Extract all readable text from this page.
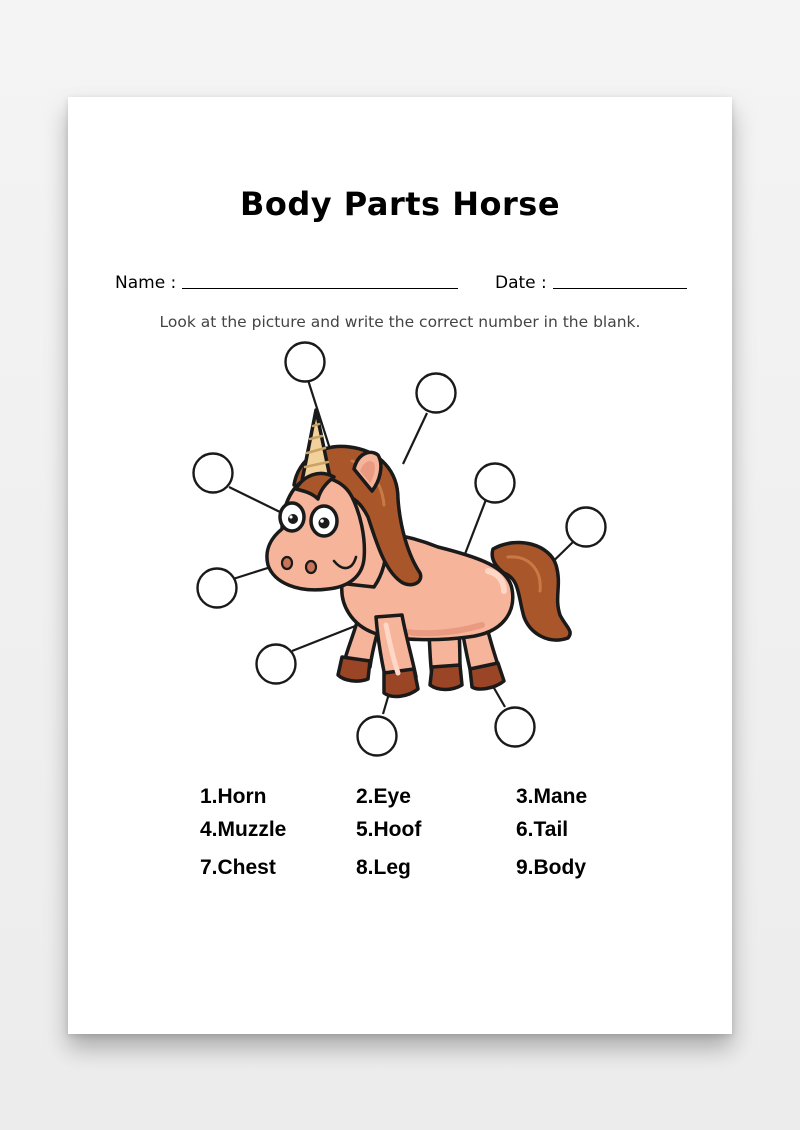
Body Parts Horse
Name :	Date :
Look at the picture and write the correct number in the blank.
1.Horn	2.Eye	3.Mane
4.Muzzle	5.Hoof	6.Tail
7.Chest	8.Leg	9.Body
